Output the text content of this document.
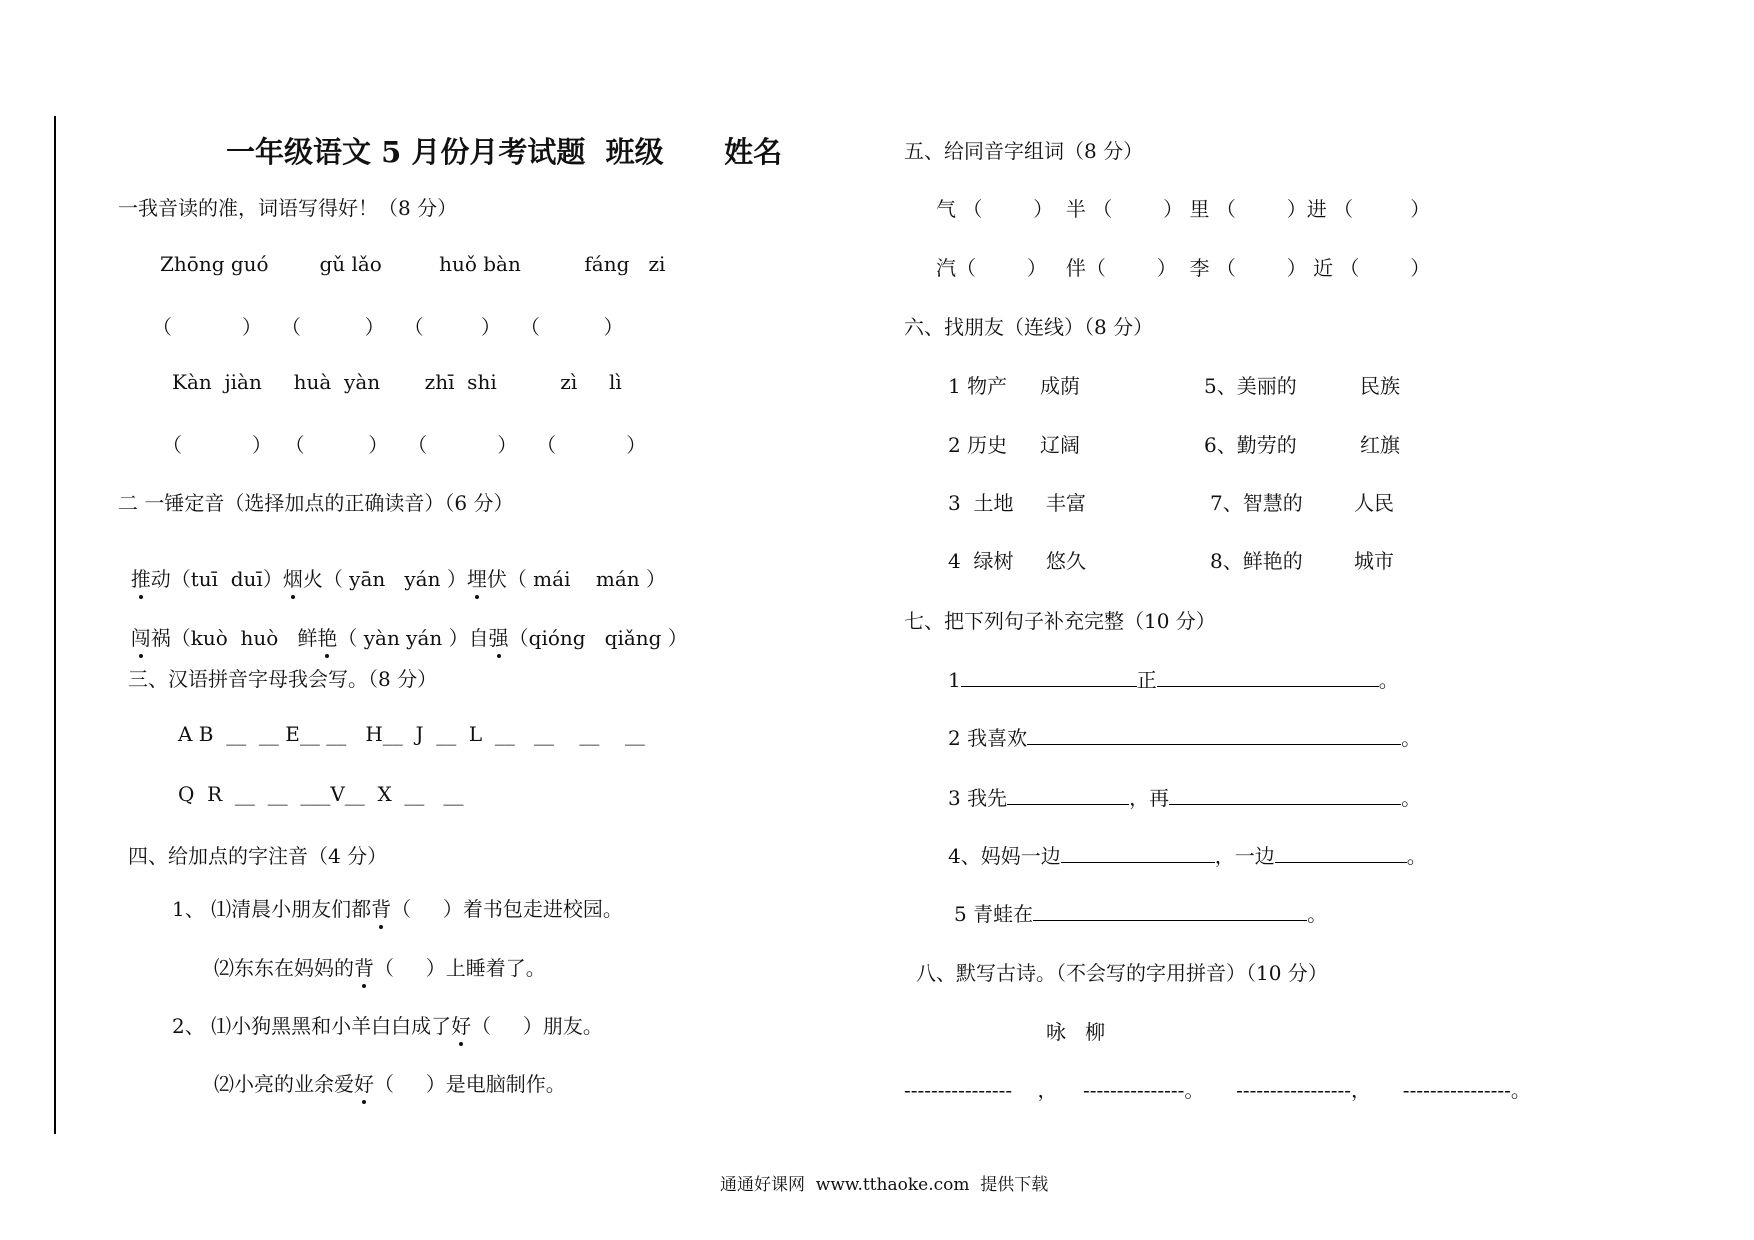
一年级语文 5 月份月考试题  班级      姓名
一我音读的准，词语写得好！（8 分）
Zhōng guó        gǔ lǎo         huǒ bàn          fáng   zi
（           ）   （          ）   （         ）   （          ）
Kàn  jiàn     huà  yàn       zhī  shi          zì     lì
（           ）  （          ）   （           ）   （           ）
二 一锤定音（选择加点的正确读音）（6 分）

推动（tuī  duī）烟火（ yān   yán ）埋伏（ mái    mán ）

闯祸（kuò  huò   鲜艳（ yàn yán ）自强（qióng   qiǎng ）

三、汉语拼音字母我会写。（8 分）
A B  __  __ E__ __   H__  J  __  L  __   __    __    __
Q  R  __  __  ___V__  X  __   __
四、给加点的字注音（4 分）
1、 ⑴清晨小朋友们都背（     ）着书包走进校园。
⑵东东在妈妈的背（     ）上睡着了。
2、 ⑴小狗黑黑和小羊白白成了好（     ）朋友。
⑵小亮的业余爱好（     ）是电脑制作。
五、给同音字组词（8 分）
气 （        ）  半 （        ） 里 （        ）进 （         ）
汽（        ）   伴（        ）  李 （        ） 近 （        ）
六、找朋友（连线）（8 分）
1 物产 成荫	5、美丽的	民族
2 历史 辽阔	6、勤劳的	红旗
3  土地 丰富	7、智慧的	人民
4  绿树 悠久	8、鲜艳的	城市
七、把下列句子补充完整（10 分）
1	正	。
2 我喜欢	。
3 我先	，再	。
4、妈妈一边	，一边	。
5 青蛙在	。
八、默写古诗。（不会写的字用拼音）（10 分）
咏   柳
----------------    ，    ---------------。     -----------------，     ----------------。
通通好课网  www.tthaoke.com  提供下载
